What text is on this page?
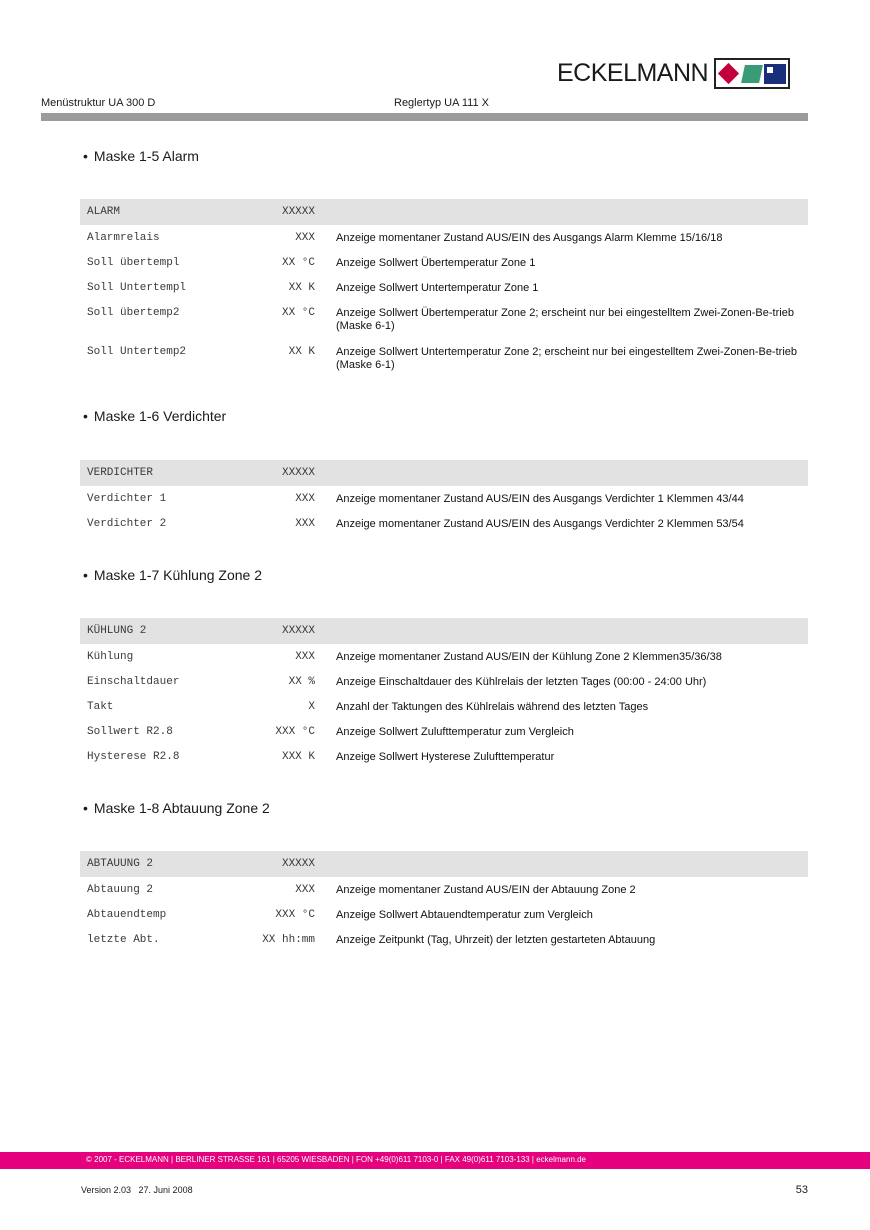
ECKELMANN
Menüstruktur UA 300 D	Reglertyp UA 111 X
• Maske 1-5 Alarm
ALARM	XXXXX
Alarmrelais	XXX Anzeige momentaner Zustand AUS/EIN des Ausgangs Alarm Klemme 15/16/18
Soll übertempl	XX °C Anzeige Sollwert Übertemperatur Zone 1
Soll Untertempl	XX K Anzeige Sollwert Untertemperatur Zone 1
Soll übertemp2	XX °C Anzeige Sollwert Übertemperatur Zone 2; erscheint nur bei eingestelltem Zwei-Zonen-Be-trieb (Maske 6-1)
Soll Untertemp2	XX K Anzeige Sollwert Untertemperatur Zone 2; erscheint nur bei eingestelltem Zwei-Zonen-Be-trieb (Maske 6-1)
• Maske 1-6 Verdichter
VERDICHTER	XXXXX
Verdichter 1	XXX Anzeige momentaner Zustand AUS/EIN des Ausgangs Verdichter 1 Klemmen 43/44
Verdichter 2	XXX Anzeige momentaner Zustand AUS/EIN des Ausgangs Verdichter 2 Klemmen 53/54
• Maske 1-7 Kühlung Zone 2
KÜHLUNG 2	XXXXX
Kühlung	XXX Anzeige momentaner Zustand AUS/EIN der Kühlung Zone 2 Klemmen35/36/38
Einschaltdauer	XX % Anzeige Einschaltdauer des Kühlrelais der letzten Tages (00:00 - 24:00 Uhr)
Takt	X Anzahl der Taktungen des Kühlrelais während des letzten Tages
Sollwert R2.8	XXX °C Anzeige Sollwert Zulufttemperatur zum Vergleich
Hysterese R2.8	XXX K Anzeige Sollwert Hysterese Zulufttemperatur
• Maske 1-8 Abtauung Zone 2
ABTAUUNG 2	XXXXX
Abtauung 2	XXX Anzeige momentaner Zustand AUS/EIN der Abtauung Zone 2
Abtauendtemp	XXX °C Anzeige Sollwert Abtauendtemperatur zum Vergleich
letzte Abt.	XX hh:mm Anzeige Zeitpunkt (Tag, Uhrzeit) der letzten gestarteten Abtauung
© 2007 - ECKELMANN | BERLINER STRASSE 161 | 65205 WIESBADEN | FON +49(0)611 7103-0 | FAX 49(0)611 7103-133 | eckelmann.de
Version 2.03   27. Juni 2008	53
